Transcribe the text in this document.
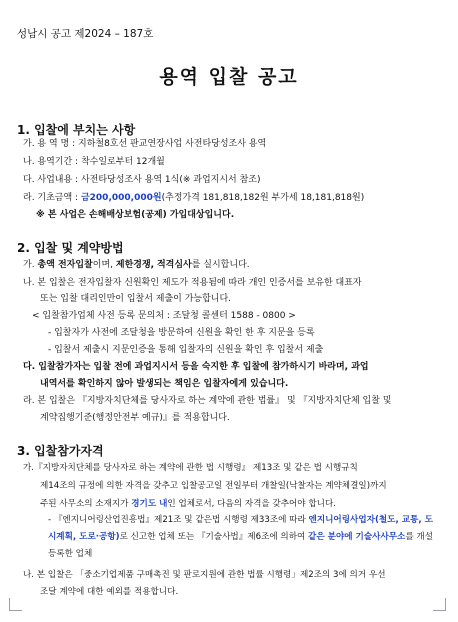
성남시 공고 제2024 – 187호
용역 입찰 공고
1. 입찰에 부치는 사항
가. 용 역 명 : 지하철8호선 판교연장사업 사전타당성조사 용역
나. 용역기간 : 착수일로부터 12개월
다. 사업내용 : 사전타당성조사 용역 1식(※ 과업지시서 참조)
라. 기초금액 : 금200,000,000원(추정가격 181,818,182원 부가세 18,181,818원)
※ 본 사업은 손해배상보험(공제) 가입대상입니다.
2. 입찰 및 계약방법
가. 총액 전자입찰이며, 제한경쟁, 적격심사를 실시합니다.
나. 본 입찰은 전자입찰자 신원확인 제도가 적용됨에 따라 개인 인증서를 보유한 대표자
또는 입찰 대리인만이 입찰서 제출이 가능합니다.
< 입찰참가업체 사전 등록 문의처 : 조달청 콜센터 1588 - 0800 >
- 입찰자가 사전에 조달청을 방문하여 신원을 확인 한 후 지문을 등록
- 입찰서 제출시 지문인증을 통해 입찰자의 신원을 확인 후 입찰서 제출
다. 입찰참가자는 입찰 전에 과업지시서 등을 숙지한 후 입찰에 참가하시기 바라며, 과업
내역서를 확인하지 않아 발생되는 책임은 입찰자에게 있습니다.
라. 본 입찰은 『지방자치단체를 당사자로 하는 계약에 관한 법률』 및 『지방자치단체 입찰 및
계약집행기준(행정안전부 예규)』를 적용합니다.
3. 입찰참가자격
가.『지방자치단체를 당사자로 하는 계약에 관한 법 시행령』 제13조 및 같은 법 시행규칙
제14조의 규정에 의한 자격을 갖추고 입찰공고일 전일부터 개찰일(낙찰자는 계약체결일)까지
주된 사무소의 소재지가 경기도 내인 업체로서, 다음의 자격을 갖추어야 합니다.
- 『엔지니어링산업진흥법』제21조 및 같은법 시행령 제33조에 따라 엔지니어링사업자(철도, 교통, 도시계획, 도로·공항)로 신고한 업체 또는 『기술사법』제6조에 의하여 같은 분야에 기술사사무소를 개설 등록한 업체
나. 본 입찰은 「중소기업제품 구매촉진 및 판로지원에 관한 법률 시행령」제2조의 3에 의거 우선
조달 계약에 대한 예외를 적용합니다.
